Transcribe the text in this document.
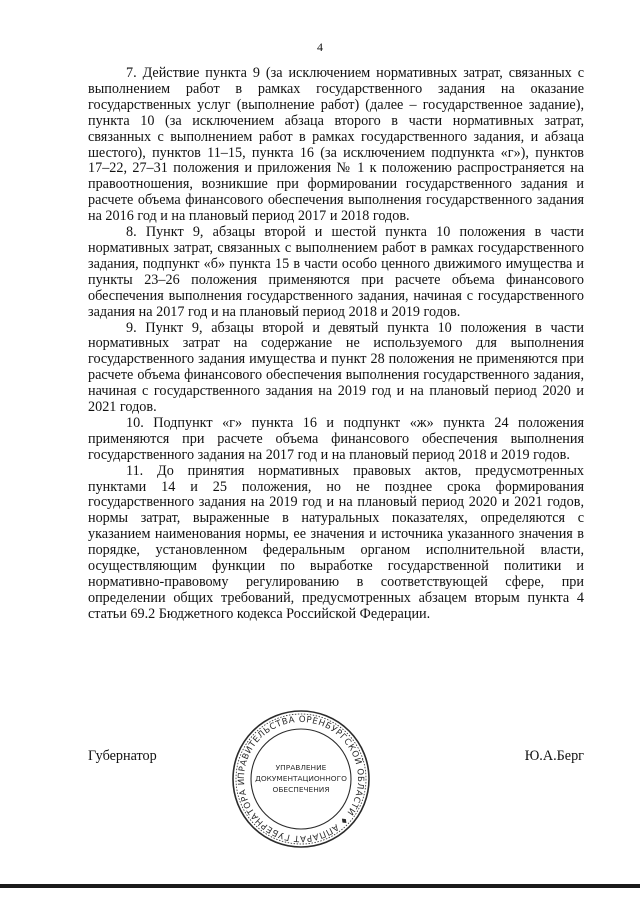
4

7. Действие пункта 9 (за исключением нормативных затрат, связанных с выполнением работ в рамках государственного задания на оказание государственных услуг (выполнение работ) (далее – государственное задание), пункта 10 (за исключением абзаца второго в части нормативных затрат, связанных с выполнением работ в рамках государственного задания, и абзаца шестого), пунктов 11–15, пункта 16 (за исключением подпункта «г»), пунктов 17–22, 27–31 положения и приложения № 1 к положению распространяется на правоотношения, возникшие при формировании государственного задания и расчете объема финансового обеспечения выполнения государственного задания на 2016 год и на плановый период 2017 и 2018 годов.

8. Пункт 9, абзацы второй и шестой пункта 10 положения в части нормативных затрат, связанных с выполнением работ в рамках государственного задания, подпункт «б» пункта 15 в части особо ценного движимого имущества и пункты 23–26 положения применяются при расчете объема финансового обеспечения выполнения государственного задания, начиная с государственного задания на 2017 год и на плановый период 2018 и 2019 годов.

9. Пункт 9, абзацы второй и девятый пункта 10 положения в части нормативных затрат на содержание не используемого для выполнения государственного задания имущества и пункт 28 положения не применяются при расчете объема финансового обеспечения выполнения государственного задания, начиная с государственного задания на 2019 год и на плановый период 2020 и 2021 годов.

10. Подпункт «г» пункта 16 и подпункт «ж» пункта 24 положения применяются при расчете объема финансового обеспечения выполнения государственного задания на 2017 год и на плановый период 2018 и 2019 годов.

11. До принятия нормативных правовых актов, предусмотренных пунктами 14 и 25 положения, но не позднее срока формирования государственного задания на 2019 год и на плановый период 2020 и 2021 годов, нормы затрат, выраженные в натуральных показателях, определяются с указанием наименования нормы, ее значения и источника указанного значения в порядке, установленном федеральным органом исполнительной власти, осуществляющим функции по выработке государственной политики и нормативно-правовому регулированию в соответствующей сфере, при определении общих требований, предусмотренных абзацем вторым пункта 4 статьи 69.2 Бюджетного кодекса Российской Федерации.

ПРАВИТЕЛЬСТВА ОРЕНБУРГСКОЙ ОБЛАСТИ ♦ АППАРАТ ГУБЕРНАТОРА И
УПРАВЛЕНИЕ
ДОКУМЕНТАЦИОННОГО
ОБЕСПЕЧЕНИЯ
Губернатор	Ю.А.Берг
